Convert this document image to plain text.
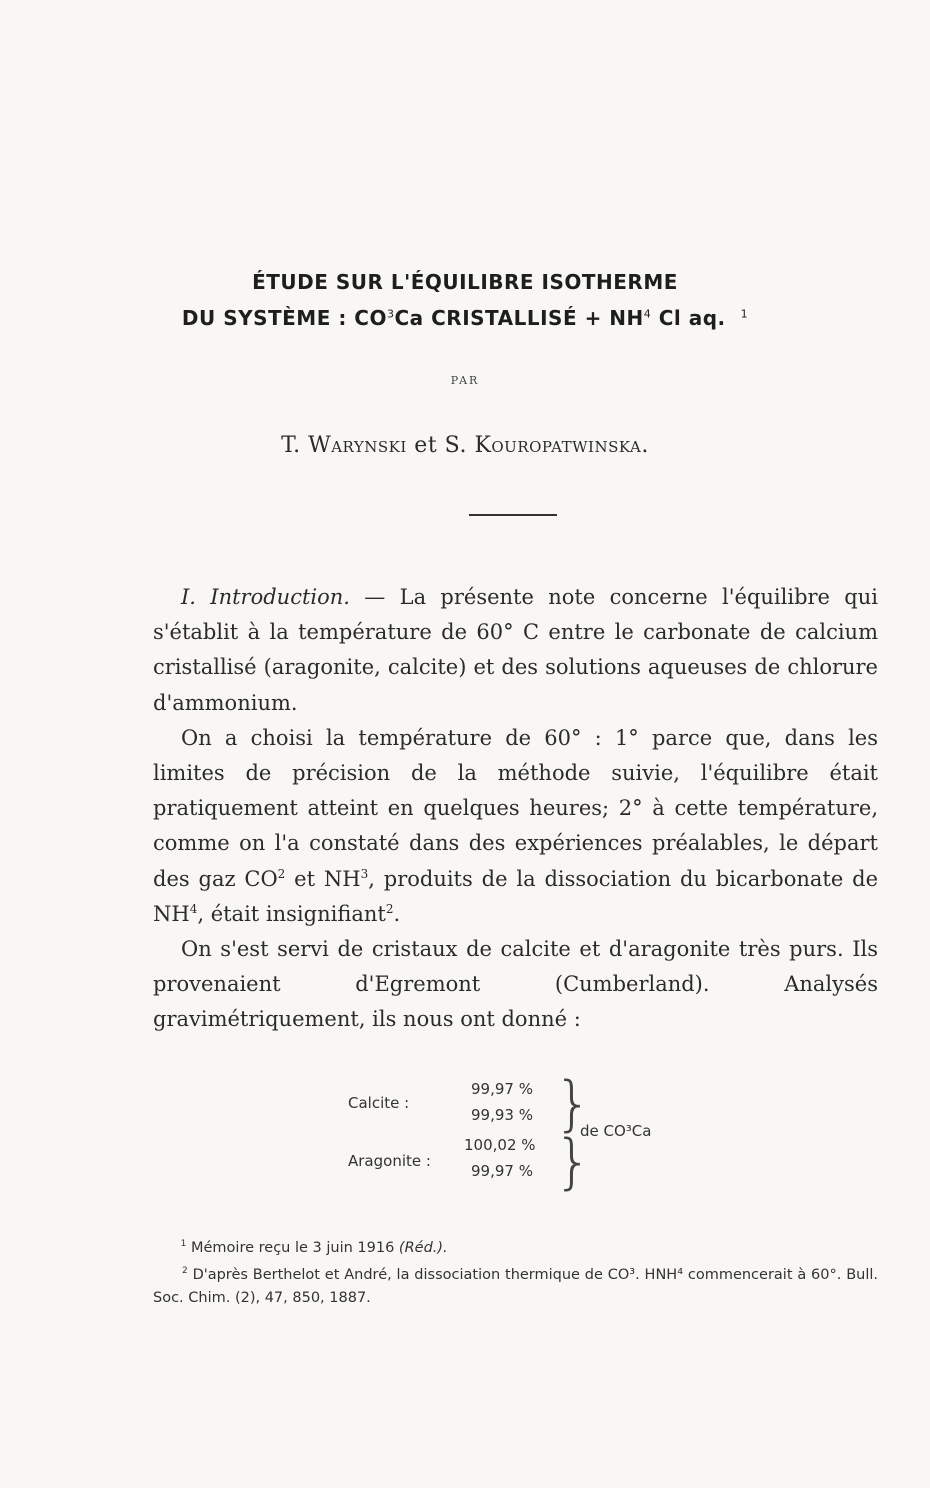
ÉTUDE SUR L'ÉQUILIBRE ISOTHERME
DU SYSTÈME : $CO^3Ca$ CRISTALLISÉ + $NH^4$ Cl aq. $^1$
PAR
T. Warynski et S. Kouropatwinska.

I. Introduction. — La présente note concerne l'équilibre qui s'établit à la température de 60° C entre le carbonate de calcium cristallisé (aragonite, calcite) et des solutions aqueuses de chlorure d'ammonium.

On a choisi la température de 60° : 1° parce que, dans les limites de précision de la méthode suivie, l'équilibre était pratiquement atteint en quelques heures; 2° à cette température, comme on l'a constaté dans des expériences préalables, le départ des gaz $CO^2$ et $NH^3$, produits de la dissociation du bicarbonate de $NH^4$, était insignifiant$^2$.

On s'est servi de cristaux de calcite et d'aragonite très purs. Ils provenaient d'Egremont (Cumberland). Analysés gravimétriquement, ils nous ont donné :

Calcite :
Aragonite :
99,97 %
99,93 %
100,02 %
99,97 %
}
}
de CO³Ca

$^1$ Mémoire reçu le 3 juin 1916 (Réd.).

$^2$ D'après Berthelot et André, la dissociation thermique de CO³. HNH⁴ commencerait à 60°. Bull. Soc. Chim. (2), 47, 850, 1887.
